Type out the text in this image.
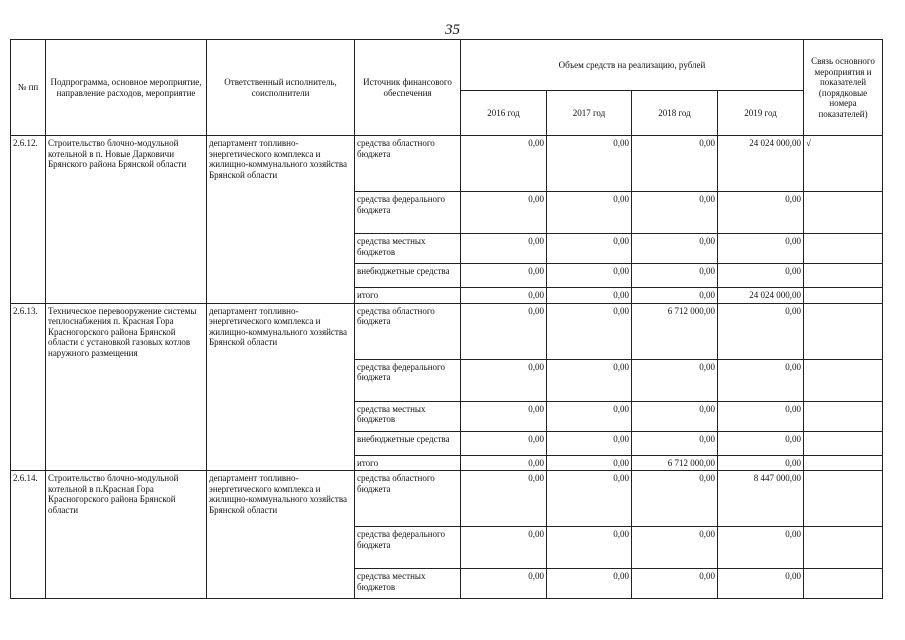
35
№ пп	Подпрограмма, основное мероприятие, направление расходов, мероприятие	Ответственный исполнитель, соисполнители	Источник финансового обеспечения	Объем средств на реализацию, рублей				Связь основного мероприятия и показателей (порядковые номера показателей)
				2016 год	2017 год	2018 год	2019 год	
2.6.12.	Строительство блочно-модульной котельной в п. Новые Дарковичи Брянского района Брянской области	департамент топливно-энергетического комплекса и жилищно-коммунального хозяйства Брянской области	средства областного бюджета	0,00	0,00	0,00	24 024 000,00	√
			средства федерального бюджета	0,00	0,00	0,00	0,00	
			средства местных бюджетов	0,00	0,00	0,00	0,00	
			внебюджетные средства	0,00	0,00	0,00	0,00	
			итого	0,00	0,00	0,00	24 024 000,00	
2.6.13.	Техническое перевооружение системы теплоснабжения п. Красная Гора Красногорского района Брянской области с установкой газовых котлов наружного размещения	департамент топливно-энергетического комплекса и жилищно-коммунального хозяйства Брянской области	средства областного бюджета	0,00	0,00	6 712 000,00	0,00	
			средства федерального бюджета	0,00	0,00	0,00	0,00	
			средства местных бюджетов	0,00	0,00	0,00	0,00	
			внебюджетные средства	0,00	0,00	0,00	0,00	
			итого	0,00	0,00	6 712 000,00	0,00	
2.6.14.	Строительство блочно-модульной котельной в п.Красная Гора Красногорского района Брянской области	департамент топливно-энергетического комплекса и жилищно-коммунального хозяйства Брянской области	средства областного бюджета	0,00	0,00	0,00	8 447 000,00	
			средства федерального бюджета	0,00	0,00	0,00	0,00	
			средства местных бюджетов	0,00	0,00	0,00	0,00	
